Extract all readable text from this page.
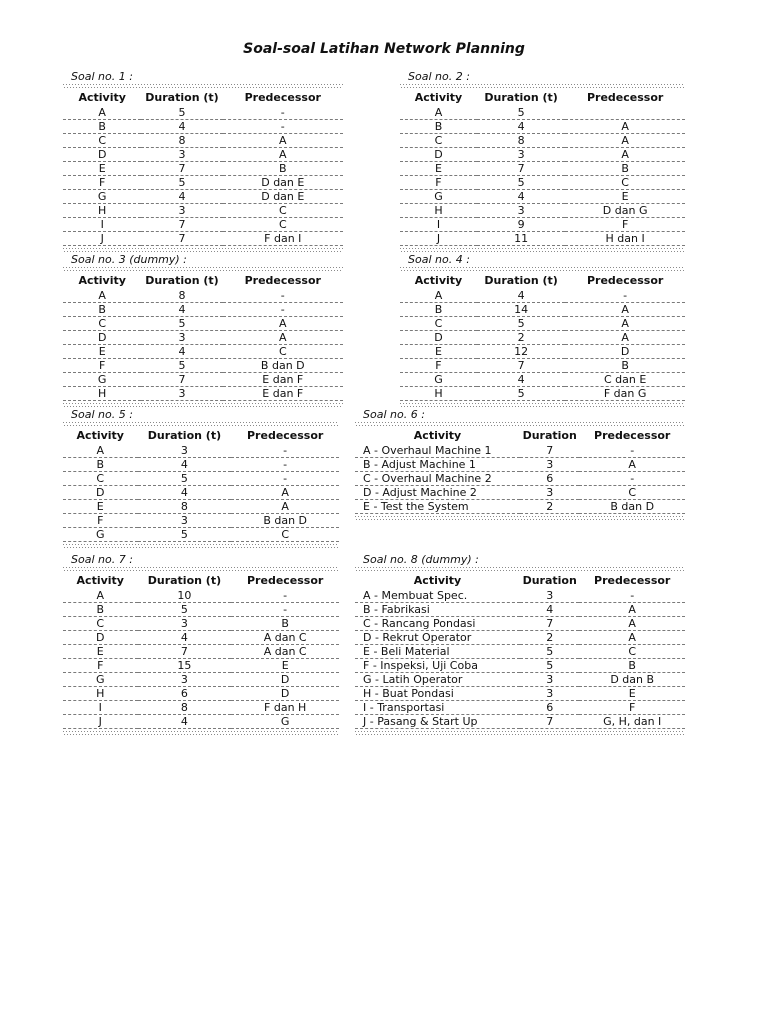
Soal-soal Latihan Network Planning
Soal no. 1 :
Activity	Duration (t)	Predecessor
A	5	-
B	4	-
C	8	A
D	3	A
E	7	B
F	5	D dan E
G	4	D dan E
H	3	C
I	7	C
J	7	F dan I
Soal no. 2 :
Activity	Duration (t)	Predecessor
A	5	
B	4	A
C	8	A
D	3	A
E	7	B
F	5	C
G	4	E
H	3	D dan G
I	9	F
J	11	H dan I
Soal no. 3 (dummy) :
Activity	Duration (t)	Predecessor
A	8	-
B	4	-
C	5	A
D	3	A
E	4	C
F	5	B dan D
G	7	E dan F
H	3	E dan F
Soal no. 4 :
Activity	Duration (t)	Predecessor
A	4	-
B	14	A
C	5	A
D	2	A
E	12	D
F	7	B
G	4	C dan E
H	5	F dan G
Soal no. 5 :
Activity	Duration (t)	Predecessor
A	3	-
B	4	-
C	5	-
D	4	A
E	8	A
F	3	B dan D
G	5	C
Soal no. 6 :
Activity	Duration	Predecessor
A - Overhaul Machine 1	7	-
B - Adjust Machine 1	3	A
C - Overhaul Machine 2	6	-
D - Adjust Machine 2	3	C
E - Test the System	2	B dan D
Soal no. 7 :
Activity	Duration (t)	Predecessor
A	10	-
B	5	-
C	3	B
D	4	A dan C
E	7	A dan C
F	15	E
G	3	D
H	6	D
I	8	F dan H
J	4	G
Soal no. 8 (dummy) :
Activity	Duration	Predecessor
A - Membuat Spec.	3	-
B - Fabrikasi	4	A
C - Rancang Pondasi	7	A
D - Rekrut Operator	2	A
E - Beli Material	5	C
F - Inspeksi, Uji Coba	5	B
G - Latih Operator	3	D dan B
H - Buat Pondasi	3	E
I - Transportasi	6	F
J - Pasang & Start Up	7	G, H, dan I
